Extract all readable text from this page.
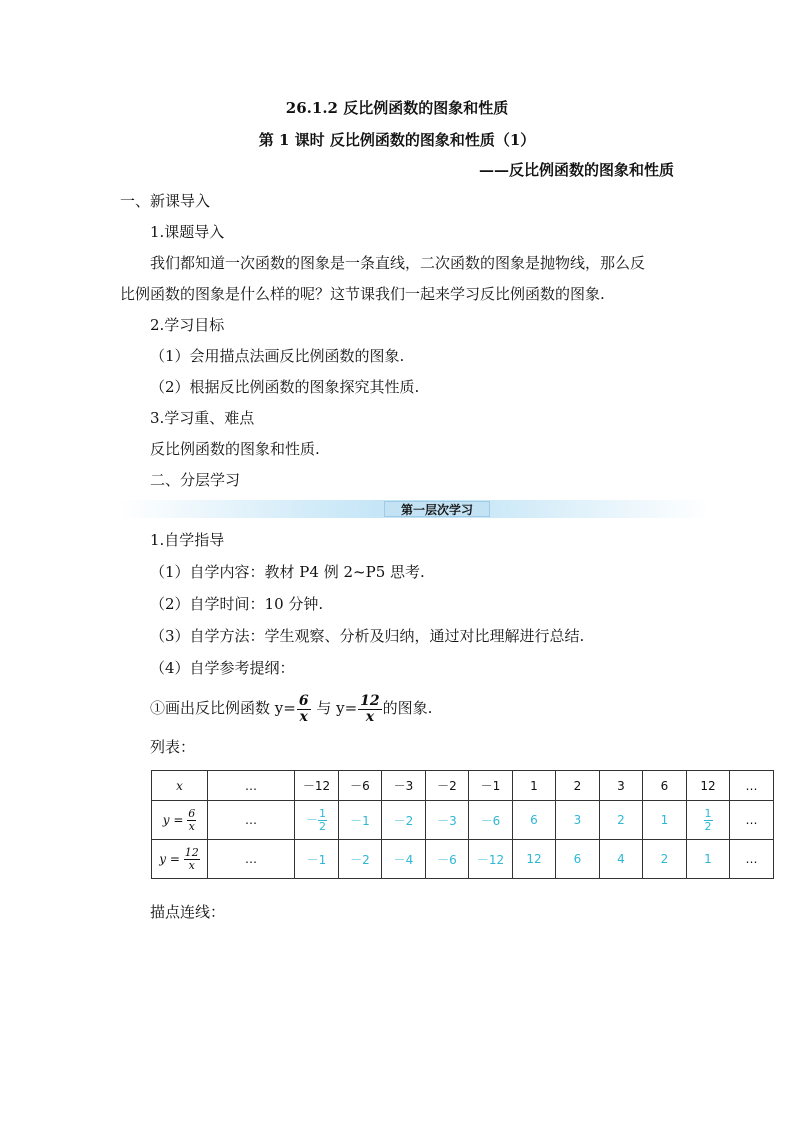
26.1.2 反比例函数的图象和性质
第 1 课时 反比例函数的图象和性质（1）
——反比例函数的图象和性质
一、新课导入
1.课题导入
我们都知道一次函数的图象是一条直线，二次函数的图象是抛物线，那么反
比例函数的图象是什么样的呢？这节课我们一起来学习反比例函数的图象.
2.学习目标
（1）会用描点法画反比例函数的图象.
（2）根据反比例函数的图象探究其性质.
3.学习重、难点
反比例函数的图象和性质.
二、分层学习
第一层次学习
1.自学指导
（1）自学内容：教材 P4 例 2~P5 思考.
（2）自学时间：10 分钟.
（3）自学方法：学生观察、分析及归纳，通过对比理解进行总结.
（4）自学参考提纲：
①画出反比例函数 $y= \frac{6}{x}$ 与 $y= \frac{12}{x}$ 的图象.
列表：
x	…	－12	－6	－3	－2	－1	1	2	3	6	12	…
$y = \frac{6}{x}$	…	－ $\frac{1}{2}$	－1	－2	－3	－6	6	3	2	1	$\frac{1}{2}$	…
$y = \frac{12}{x}$	…	－1	－2	－4	－6	－12	12	6	4	2	1	…
描点连线：
